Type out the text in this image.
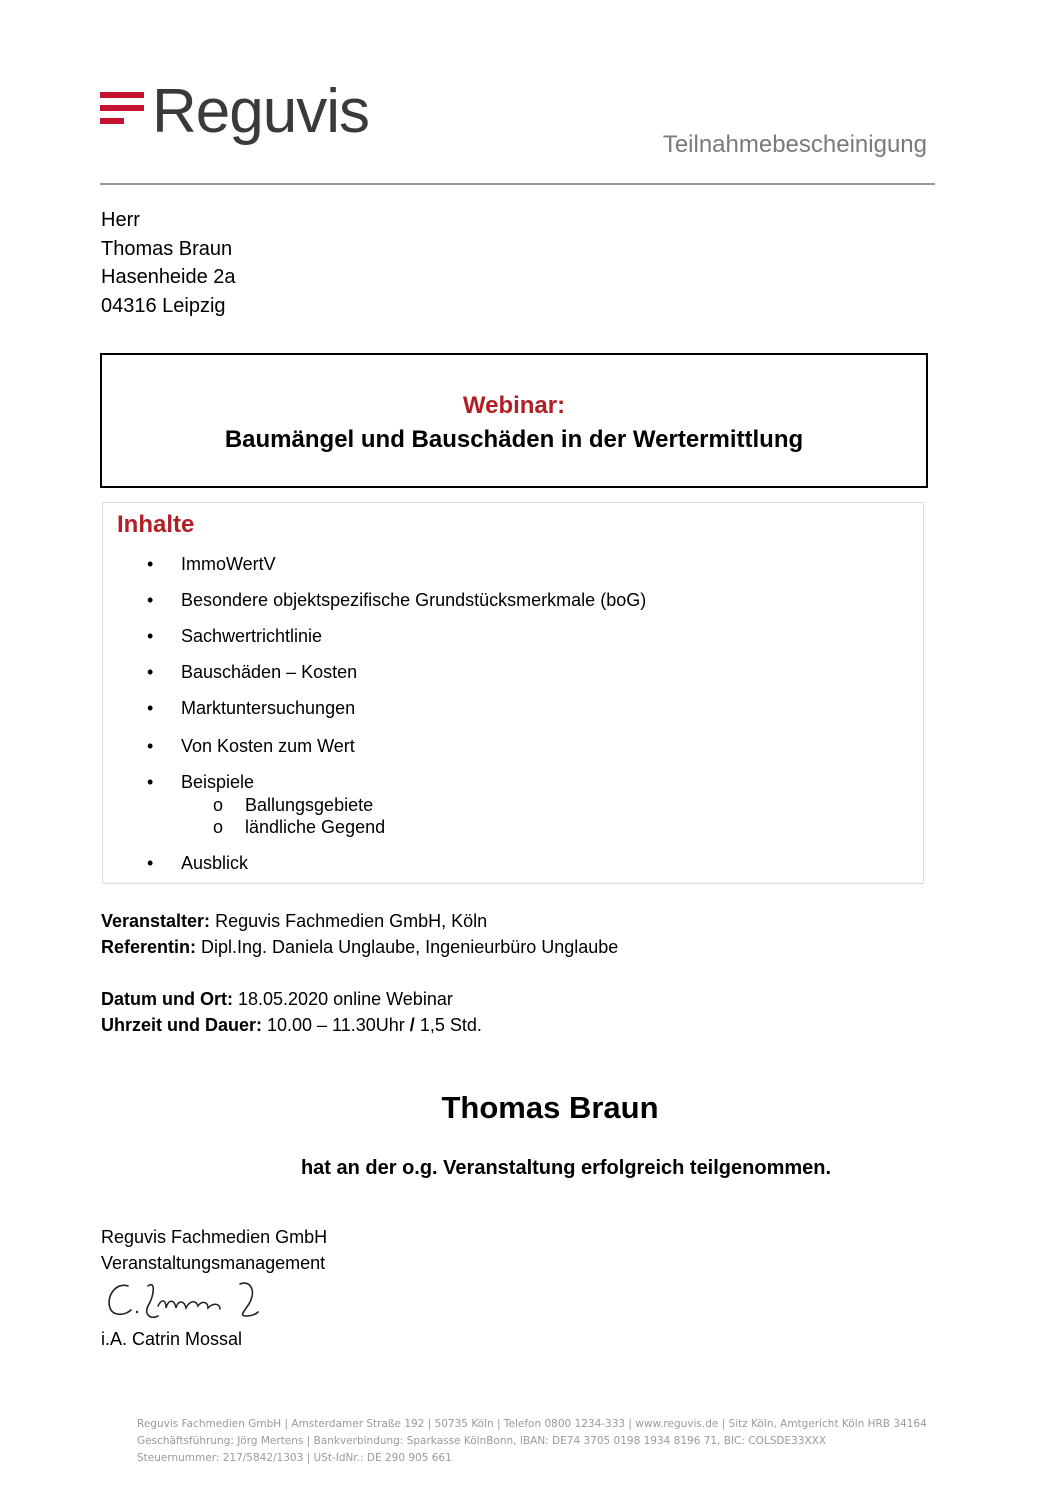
Reguvis	Teilnahmebescheinigung
Herr
Thomas Braun
Hasenheide 2a
04316 Leipzig
Webinar:
Baumängel und Bauschäden in der Wertermittlung
Inhalte
• ImmoWertV
• Besondere objektspezifische Grundstücksmerkmale (boG)
• Sachwertrichtlinie
• Bauschäden – Kosten
• Marktuntersuchungen
• Von Kosten zum Wert
• Beispiele
o Ballungsgebiete
o ländliche Gegend
• Ausblick
Veranstalter: Reguvis Fachmedien GmbH, Köln
Referentin: Dipl.Ing. Daniela Unglaube, Ingenieurbüro Unglaube
Datum und Ort: 18.05.2020 online Webinar
Uhrzeit und Dauer: 10.00 – 11.30Uhr / 1,5 Std.
Thomas Braun
hat an der o.g. Veranstaltung erfolgreich teilgenommen.
Reguvis Fachmedien GmbH
Veranstaltungsmanagement
i.A. Catrin Mossal
Reguvis Fachmedien GmbH | Amsterdamer Straße 192 | 50735 Köln | Telefon 0800 1234-333 | www.reguvis.de | Sitz Köln, Amtgericht Köln HRB 34164
Geschäftsführung: Jörg Mertens | Bankverbindung: Sparkasse KölnBonn, IBAN: DE74 3705 0198 1934 8196 71, BIC: COLSDE33XXX
Steuernummer: 217/5842/1303 | USt-IdNr.: DE 290 905 661
